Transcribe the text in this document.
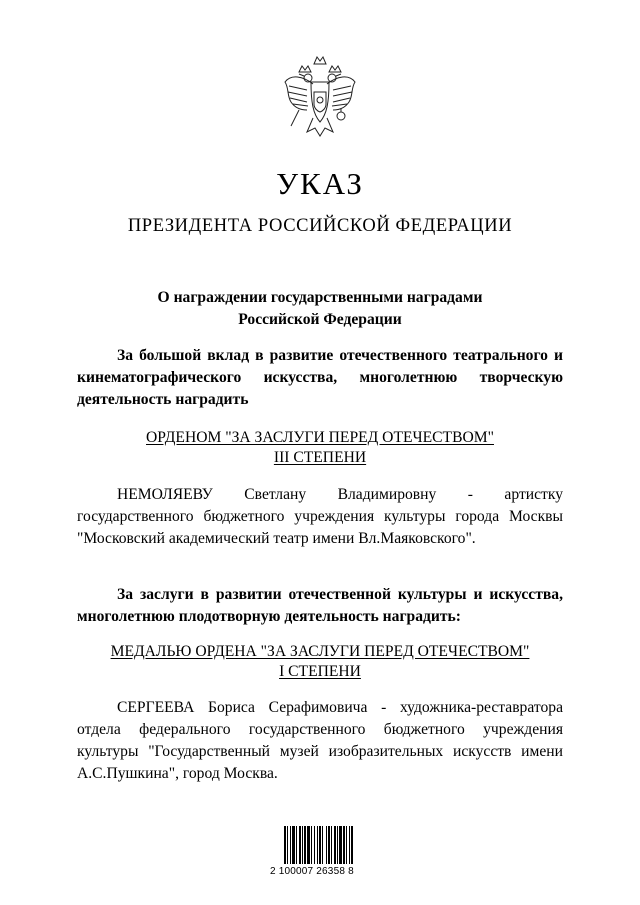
УКАЗ
ПРЕЗИДЕНТА РОССИЙСКОЙ ФЕДЕРАЦИИ
О награждении государственными наградами
Российской Федерации
За большой вклад в развитие отечественного театрального и
кинематографического искусства, многолетнюю творческую
деятельность наградить
ОРДЕНОМ "ЗА ЗАСЛУГИ ПЕРЕД ОТЕЧЕСТВОМ"
III СТЕПЕНИ
НЕМОЛЯЕВУ Светлану Владимировну - артистку
государственного бюджетного учреждения культуры города Москвы
"Московский академический театр имени Вл.Маяковского".
За заслуги в развитии отечественной культуры и искусства,
многолетнюю плодотворную деятельность наградить:
МЕДАЛЬЮ ОРДЕНА "ЗА ЗАСЛУГИ ПЕРЕД ОТЕЧЕСТВОМ"
I СТЕПЕНИ
СЕРГЕЕВА Бориса Серафимовича - художника-реставратора
отдела федерального государственного бюджетного учреждения
культуры "Государственный музей изобразительных искусств имени
А.С.Пушкина", город Москва.
2 100007 26358 8
